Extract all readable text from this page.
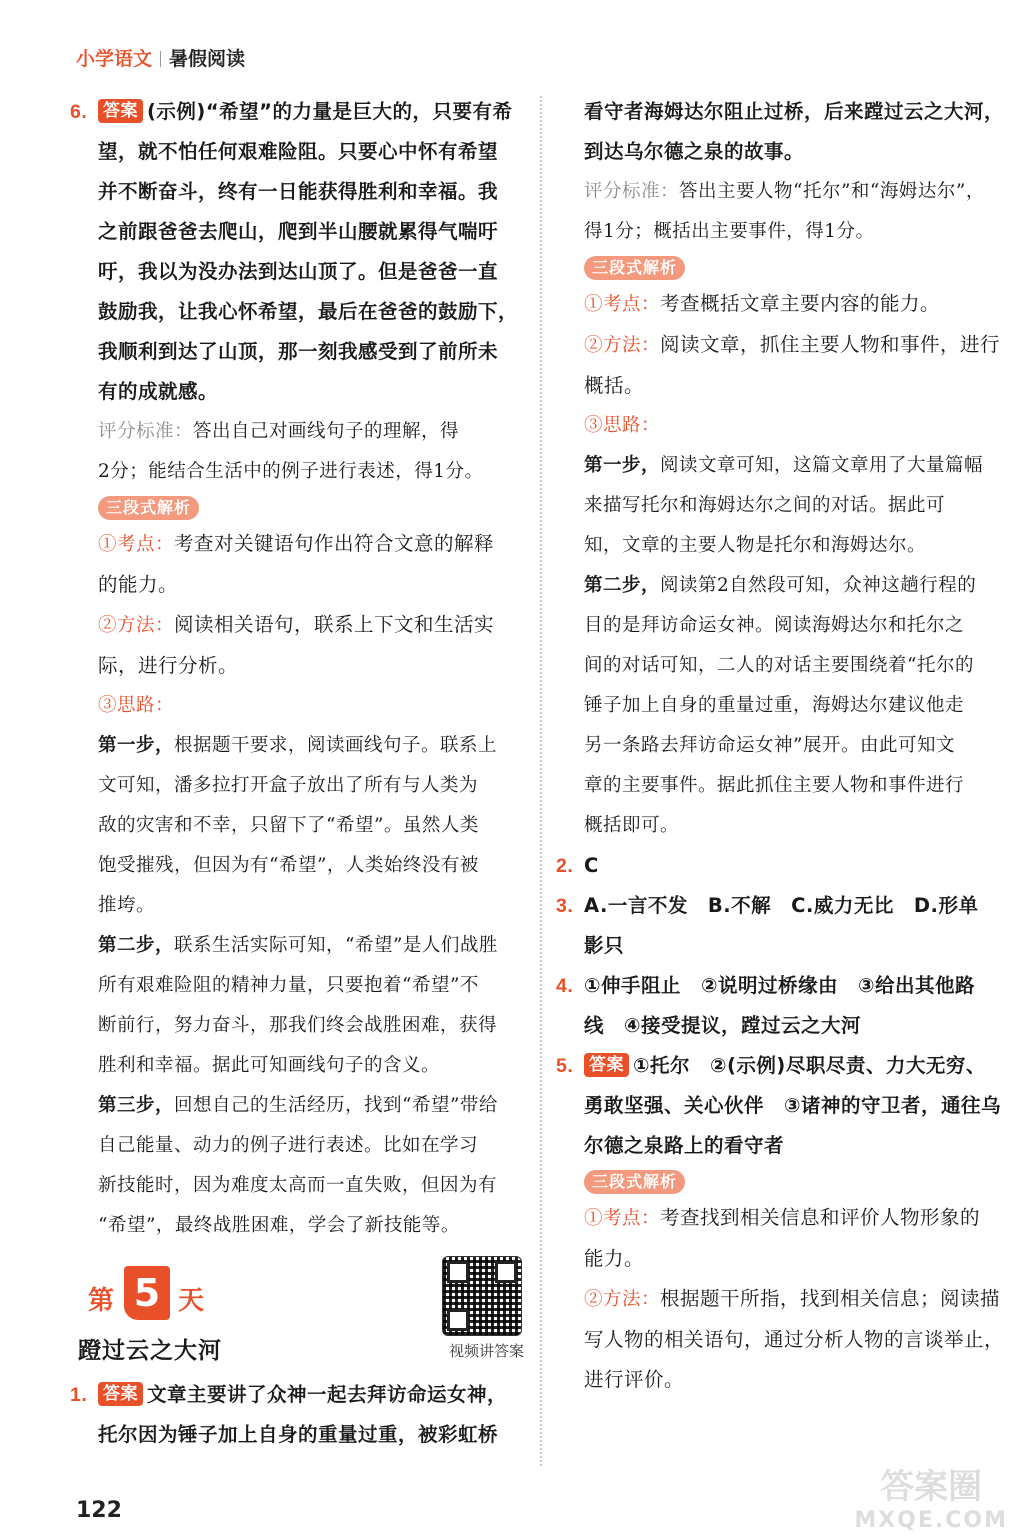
小学语文 暑假阅读

6. 答案 (示例)“希望”的力量是巨大的，只要有希

望，就不怕任何艰难险阻。只要心中怀有希望

并不断奋斗，终有一日能获得胜利和幸福。我

之前跟爸爸去爬山，爬到半山腰就累得气喘吁

吁，我以为没办法到达山顶了。但是爸爸一直

鼓励我，让我心怀希望，最后在爸爸的鼓励下，

我顺利到达了山顶，那一刻我感受到了前所未

有的成就感。

评分标准：答出自己对画线句子的理解，得

2分；能结合生活中的例子进行表述，得1分。

三段式解析

①考点：考查对关键语句作出符合文意的解释

的能力。

②方法：阅读相关语句，联系上下文和生活实

际，进行分析。

③思路：

第一步，根据题干要求，阅读画线句子。联系上

文可知，潘多拉打开盒子放出了所有与人类为

敌的灾害和不幸，只留下了“希望”。虽然人类

饱受摧残，但因为有“希望”，人类始终没有被

推垮。

第二步，联系生活实际可知，“希望”是人们战胜

所有艰难险阻的精神力量，只要抱着“希望”不

断前行，努力奋斗，那我们终会战胜困难，获得

胜利和幸福。据此可知画线句子的含义。

第三步，回想自己的生活经历，找到“希望”带给

自己能量、动力的例子进行表述。比如在学习

新技能时，因为难度太高而一直失败，但因为有

“希望”，最终战胜困难，学会了新技能等。

第 5 天
视频讲答案
蹬过云之大河

1. 答案 文章主要讲了众神一起去拜访命运女神，

托尔因为锤子加上自身的重量过重，被彩虹桥

看守者海姆达尔阻止过桥，后来蹚过云之大河，

到达乌尔德之泉的故事。

评分标准：答出主要人物“托尔”和“海姆达尔”，

得1分；概括出主要事件，得1分。

三段式解析

①考点：考查概括文章主要内容的能力。

②方法：阅读文章，抓住主要人物和事件，进行

概括。

③思路：

第一步，阅读文章可知，这篇文章用了大量篇幅

来描写托尔和海姆达尔之间的对话。据此可

知，文章的主要人物是托尔和海姆达尔。

第二步，阅读第2自然段可知，众神这趟行程的

目的是拜访命运女神。阅读海姆达尔和托尔之

间的对话可知，二人的对话主要围绕着“托尔的

锤子加上自身的重量过重，海姆达尔建议他走

另一条路去拜访命运女神”展开。由此可知文

章的主要事件。据此抓住主要人物和事件进行

概括即可。

2. C

3. A.一言不发　B.不解　C.威力无比　D.形单

影只

4. ①伸手阻止　②说明过桥缘由　③给出其他路

线　④接受提议，蹚过云之大河

5. 答案 ①托尔　②(示例)尽职尽责、力大无穷、

勇敢坚强、关心伙伴　③诸神的守卫者，通往乌

尔德之泉路上的看守者

三段式解析

①考点：考查找到相关信息和评价人物形象的

能力。

②方法：根据题干所指，找到相关信息；阅读描

写人物的相关语句，通过分析人物的言谈举止，

进行评价。

122
答案圈
MXQE.COM
